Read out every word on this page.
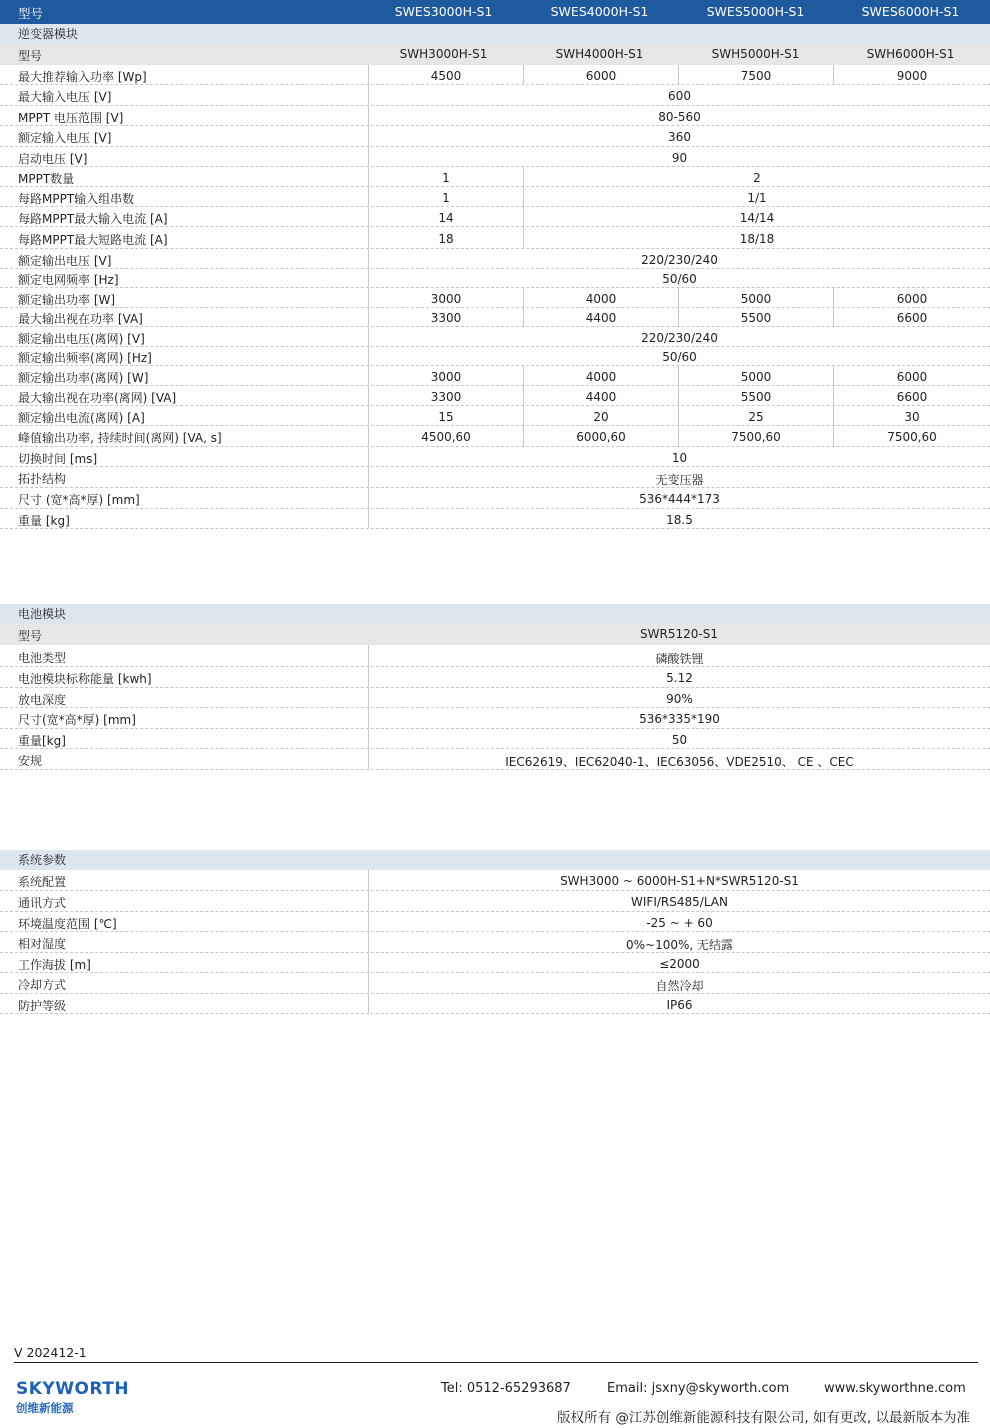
型号	SWES3000H-S1	SWES4000H-S1	SWES5000H-S1	SWES6000H-S1
逆变器模块
型号	SWH3000H-S1	SWH4000H-S1	SWH5000H-S1	SWH6000H-S1
最大推荐输入功率 [Wp]	4500	6000	7500	9000
最大输入电压 [V]	600
MPPT 电压范围 [V]	80-560
额定输入电压 [V]	360
启动电压 [V]	90
MPPT数量	1	2
每路MPPT输入组串数	1	1/1
每路MPPT最大输入电流 [A]	14	14/14
每路MPPT最大短路电流 [A]	18	18/18
额定输出电压 [V]	220/230/240
额定电网频率 [Hz]	50/60
额定输出功率 [W]	3000	4000	5000	6000
最大输出视在功率 [VA]	3300	4400	5500	6600
额定输出电压(离网) [V]	220/230/240
额定输出频率(离网) [Hz]	50/60
额定输出功率(离网) [W]	3000	4000	5000	6000
最大输出视在功率(离网) [VA]	3300	4400	5500	6600
额定输出电流(离网) [A]	15	20	25	30
峰值输出功率, 持续时间(离网) [VA, s]	4500,60	6000,60	7500,60	7500,60
切换时间 [ms]	10
拓扑结构	无变压器
尺寸 (宽*高*厚) [mm]	536*444*173
重量 [kg]	18.5
电池模块
型号	SWR5120-S1
电池类型	磷酸铁锂
电池模块标称能量 [kwh]	5.12
放电深度	90%
尺寸(宽*高*厚) [mm]	536*335*190
重量[kg]	50
安规	IEC62619、IEC62040-1、IEC63056、VDE2510、 CE 、CEC
系统参数
系统配置	SWH3000 ~ 6000H-S1+N*SWR5120-S1
通讯方式	WIFI/RS485/LAN
环境温度范围 [℃]	-25 ~ + 60
相对湿度	0%~100%, 无结露
工作海拔 [m]	≤2000
冷却方式	自然冷却
防护等级	IP66
V 202412-1
SKYWORTH
创维新能源
Tel: 0512-65293687	Email: jsxny@skyworth.com	www.skyworthne.com
版权所有 @江苏创维新能源科技有限公司, 如有更改, 以最新版本为准
